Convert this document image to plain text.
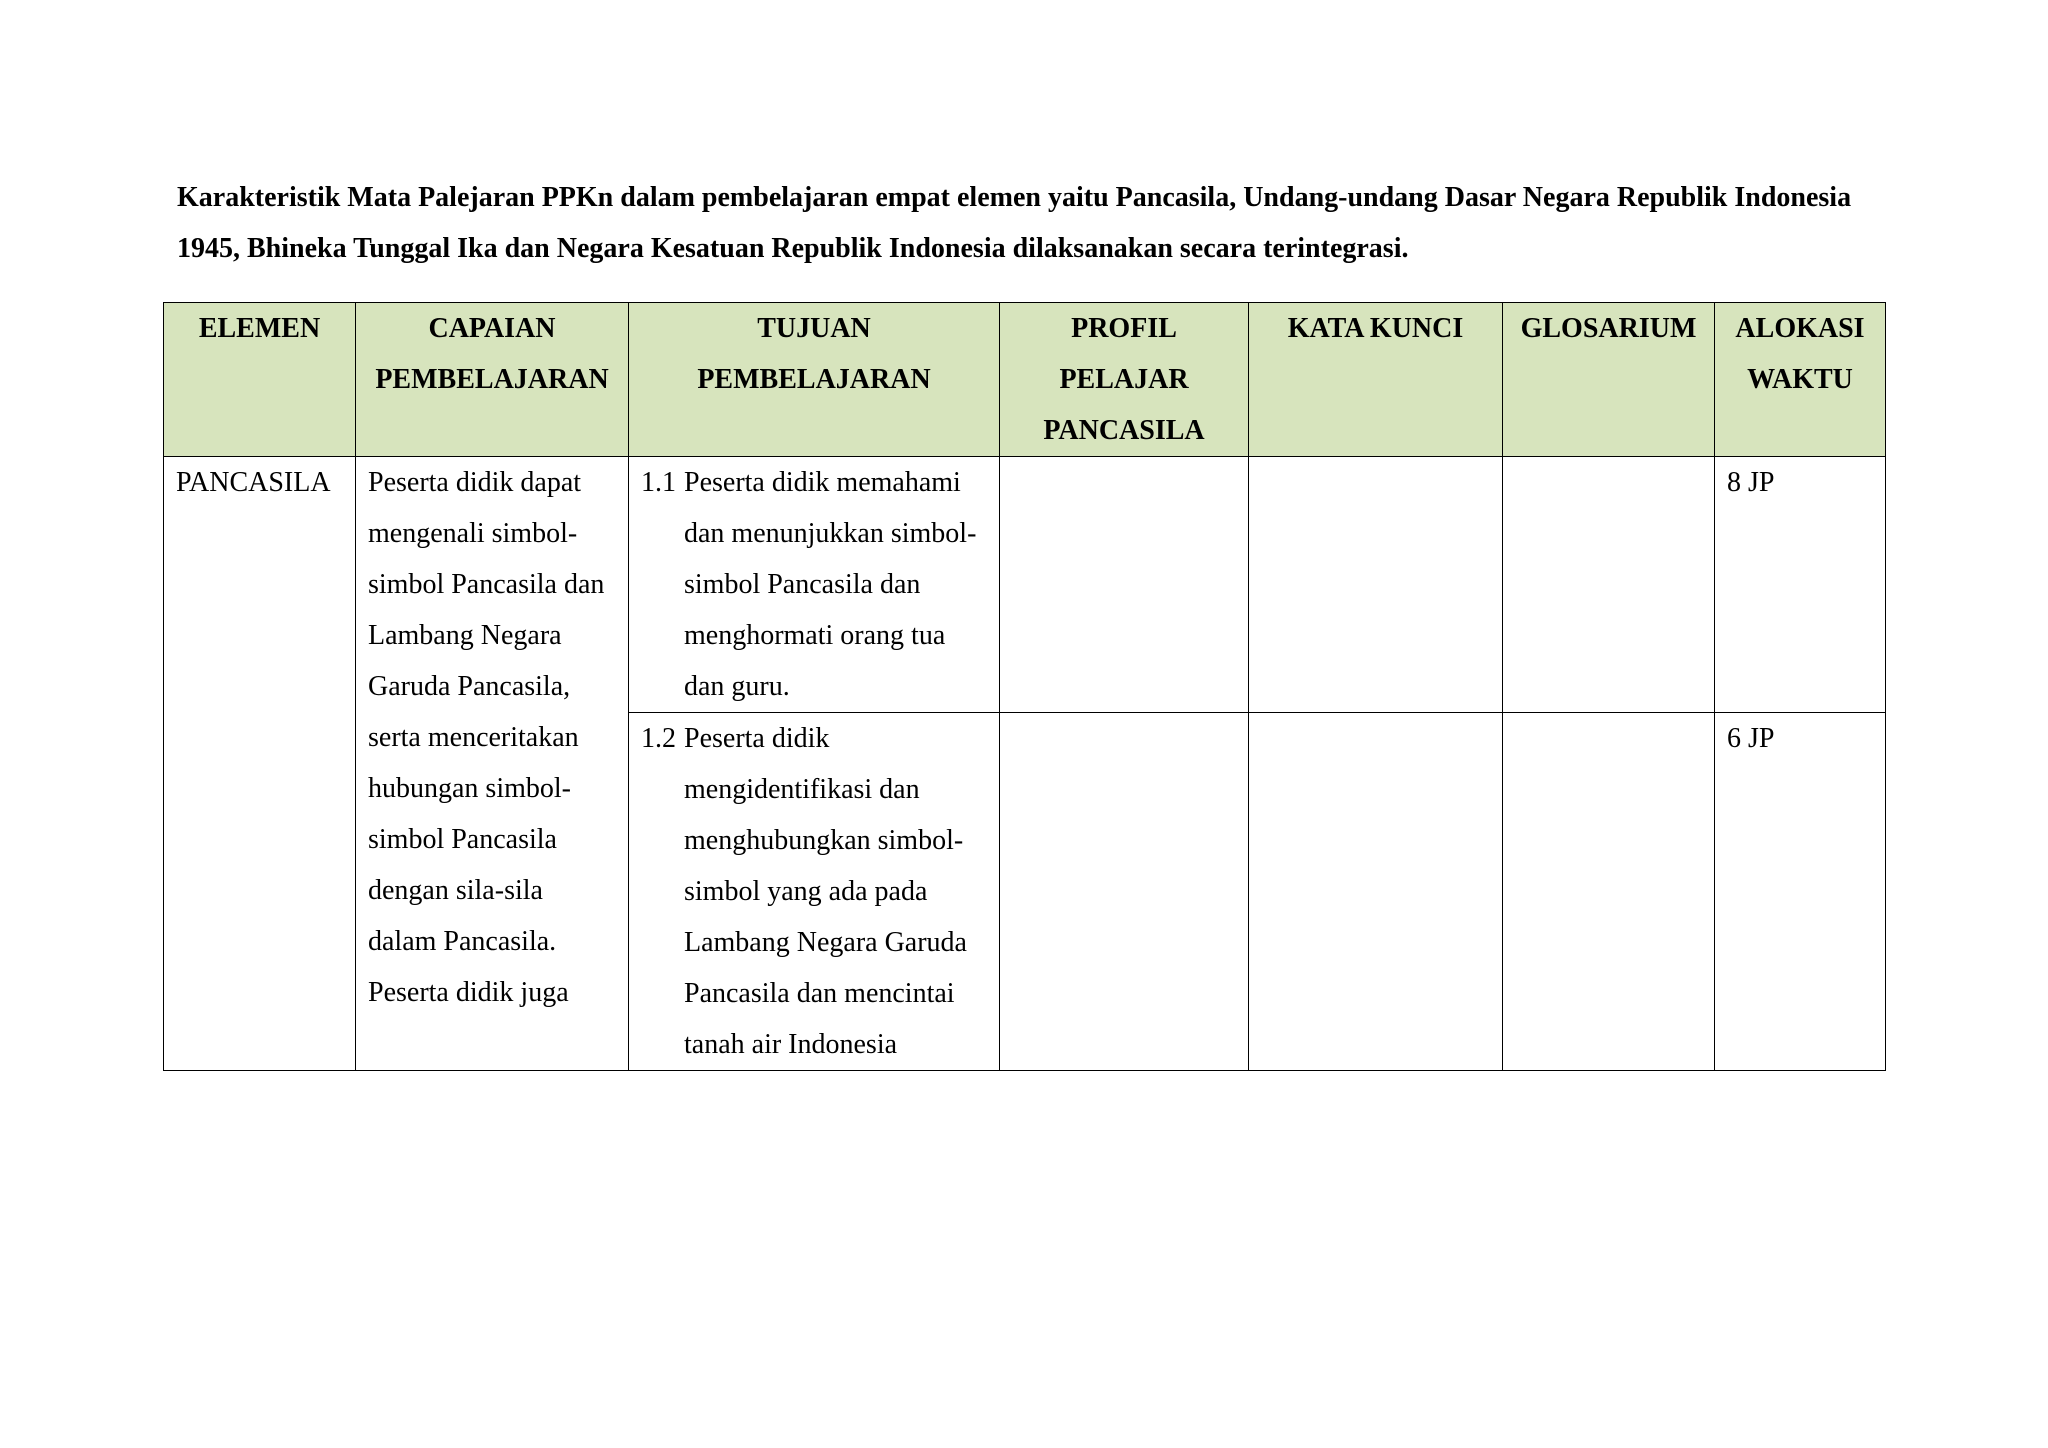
Karakteristik Mata Palejaran PPKn dalam pembelajaran empat elemen yaitu Pancasila, Undang-undang Dasar Negara Republik Indonesia 1945, Bhineka Tunggal Ika dan Negara Kesatuan Republik Indonesia dilaksanakan secara terintegrasi.
ELEMEN	CAPAIAN PEMBELAJARAN	TUJUAN PEMBELAJARAN	PROFIL PELAJAR PANCASILA	KATA KUNCI	GLOSARIUM	ALOKASI WAKTU
PANCASILA	Peserta didik dapat mengenali simbol-simbol Pancasila dan Lambang Negara Garuda Pancasila, serta menceritakan hubungan simbol-simbol Pancasila dengan sila-sila dalam Pancasila. Peserta didik juga	1.1 Peserta didik memahami dan menunjukkan simbol-simbol Pancasila dan menghormati orang tua dan guru.				8 JP

		1.2 Peserta didik mengidentifikasi dan menghubungkan simbol-simbol yang ada pada Lambang Negara Garuda Pancasila dan mencintai tanah air Indonesia				6 JP
